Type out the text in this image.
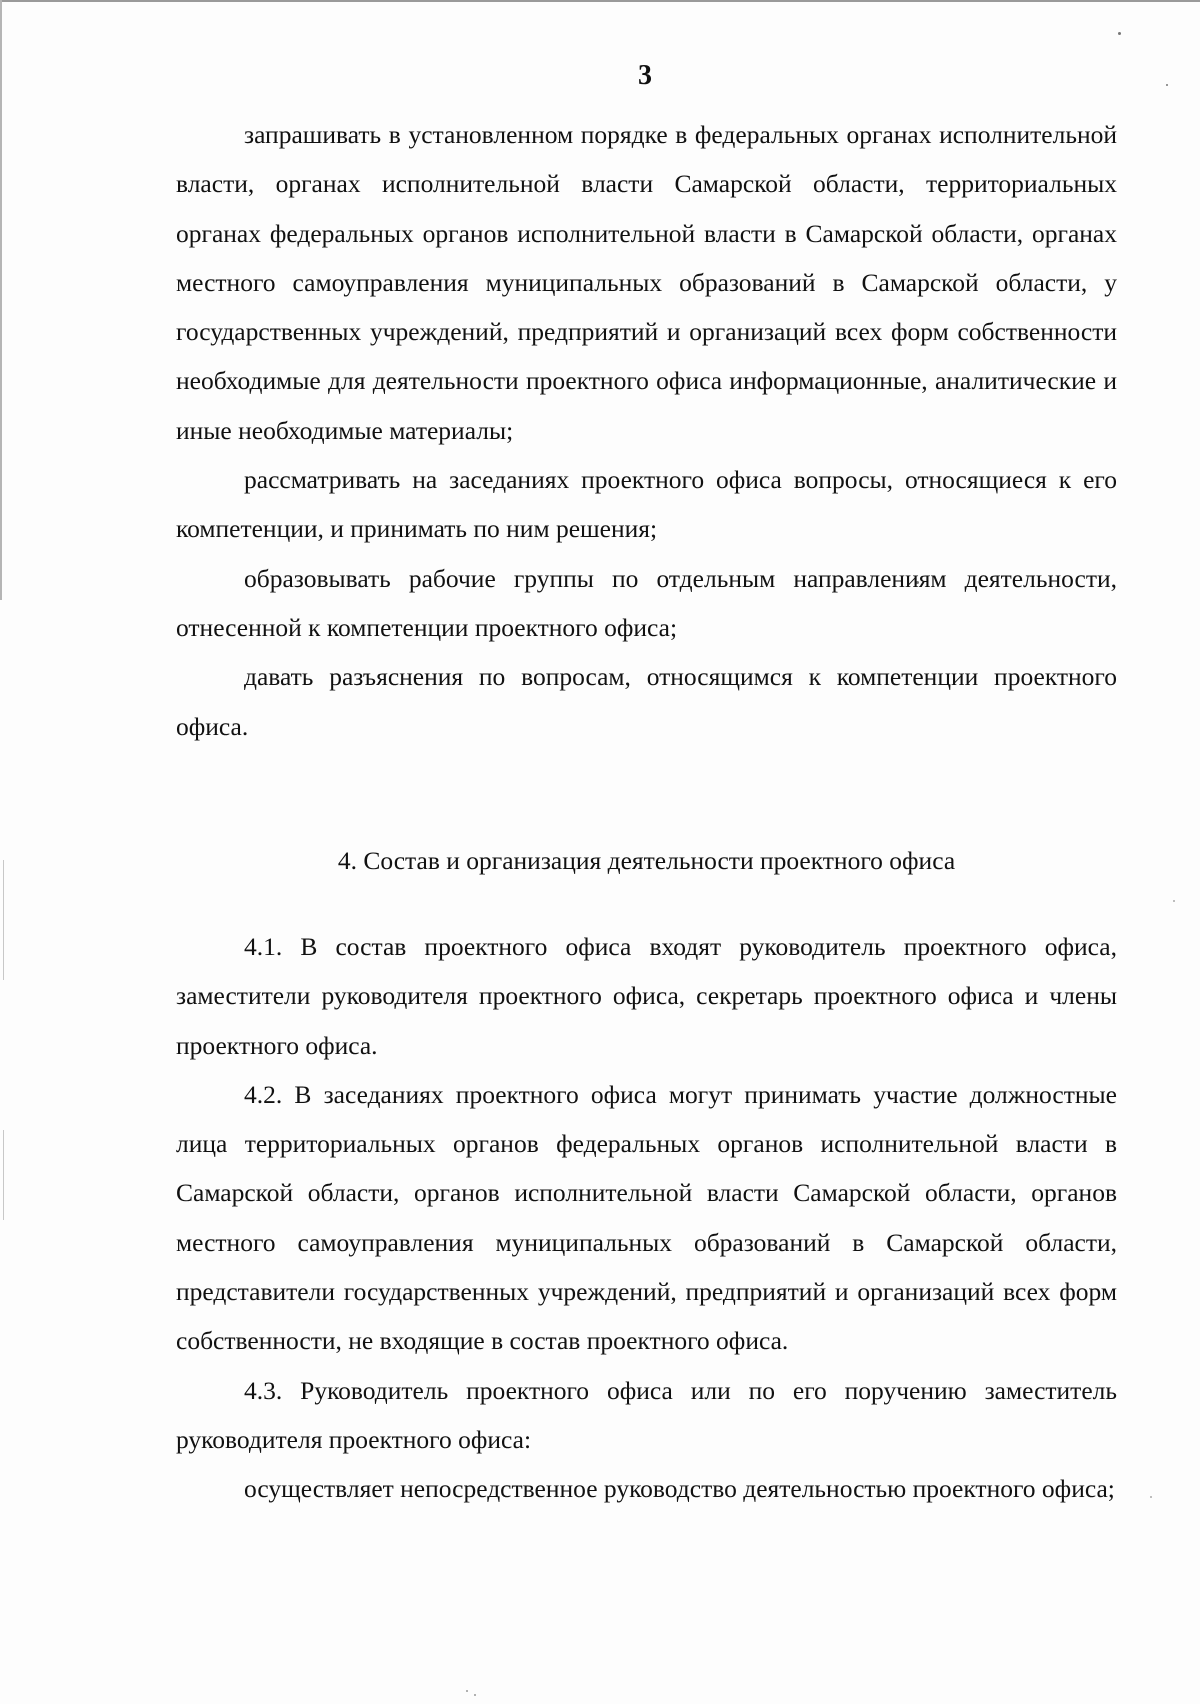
3

запрашивать в установленном порядке в федеральных органах исполнительной власти, органах исполнительной власти Самарской области, территориальных органах федеральных органов исполнительной власти в Самарской области, органах местного самоуправления муниципальных образований в Самарской области, у государственных учреждений, предприятий и организаций всех форм собственности необходимые для деятельности проектного офиса информационные, аналитические и иные необходимые материалы;

рассматривать на заседаниях проектного офиса вопросы, относящиеся к его компетенции, и принимать по ним решения;

образовывать рабочие группы по отдельным направлениям деятельности, отнесенной к компетенции проектного офиса;

давать разъяснения по вопросам, относящимся к компетенции проектного офиса.

4. Состав и организация деятельности проектного офиса

4.1. В состав проектного офиса входят руководитель проектного офиса, заместители руководителя проектного офиса, секретарь проектного офиса и члены проектного офиса.

4.2. В заседаниях проектного офиса могут принимать участие должностные лица территориальных органов федеральных органов исполнительной власти в Самарской области, органов исполнительной власти Самарской области, органов местного самоуправления муниципальных образований в Самарской области, представители государственных учреждений, предприятий и организаций всех форм собственности, не входящие в состав проектного офиса.

4.3. Руководитель проектного офиса или по его поручению заместитель руководителя проектного офиса:

осуществляет непосредственное руководство деятельностью проектного офиса;
